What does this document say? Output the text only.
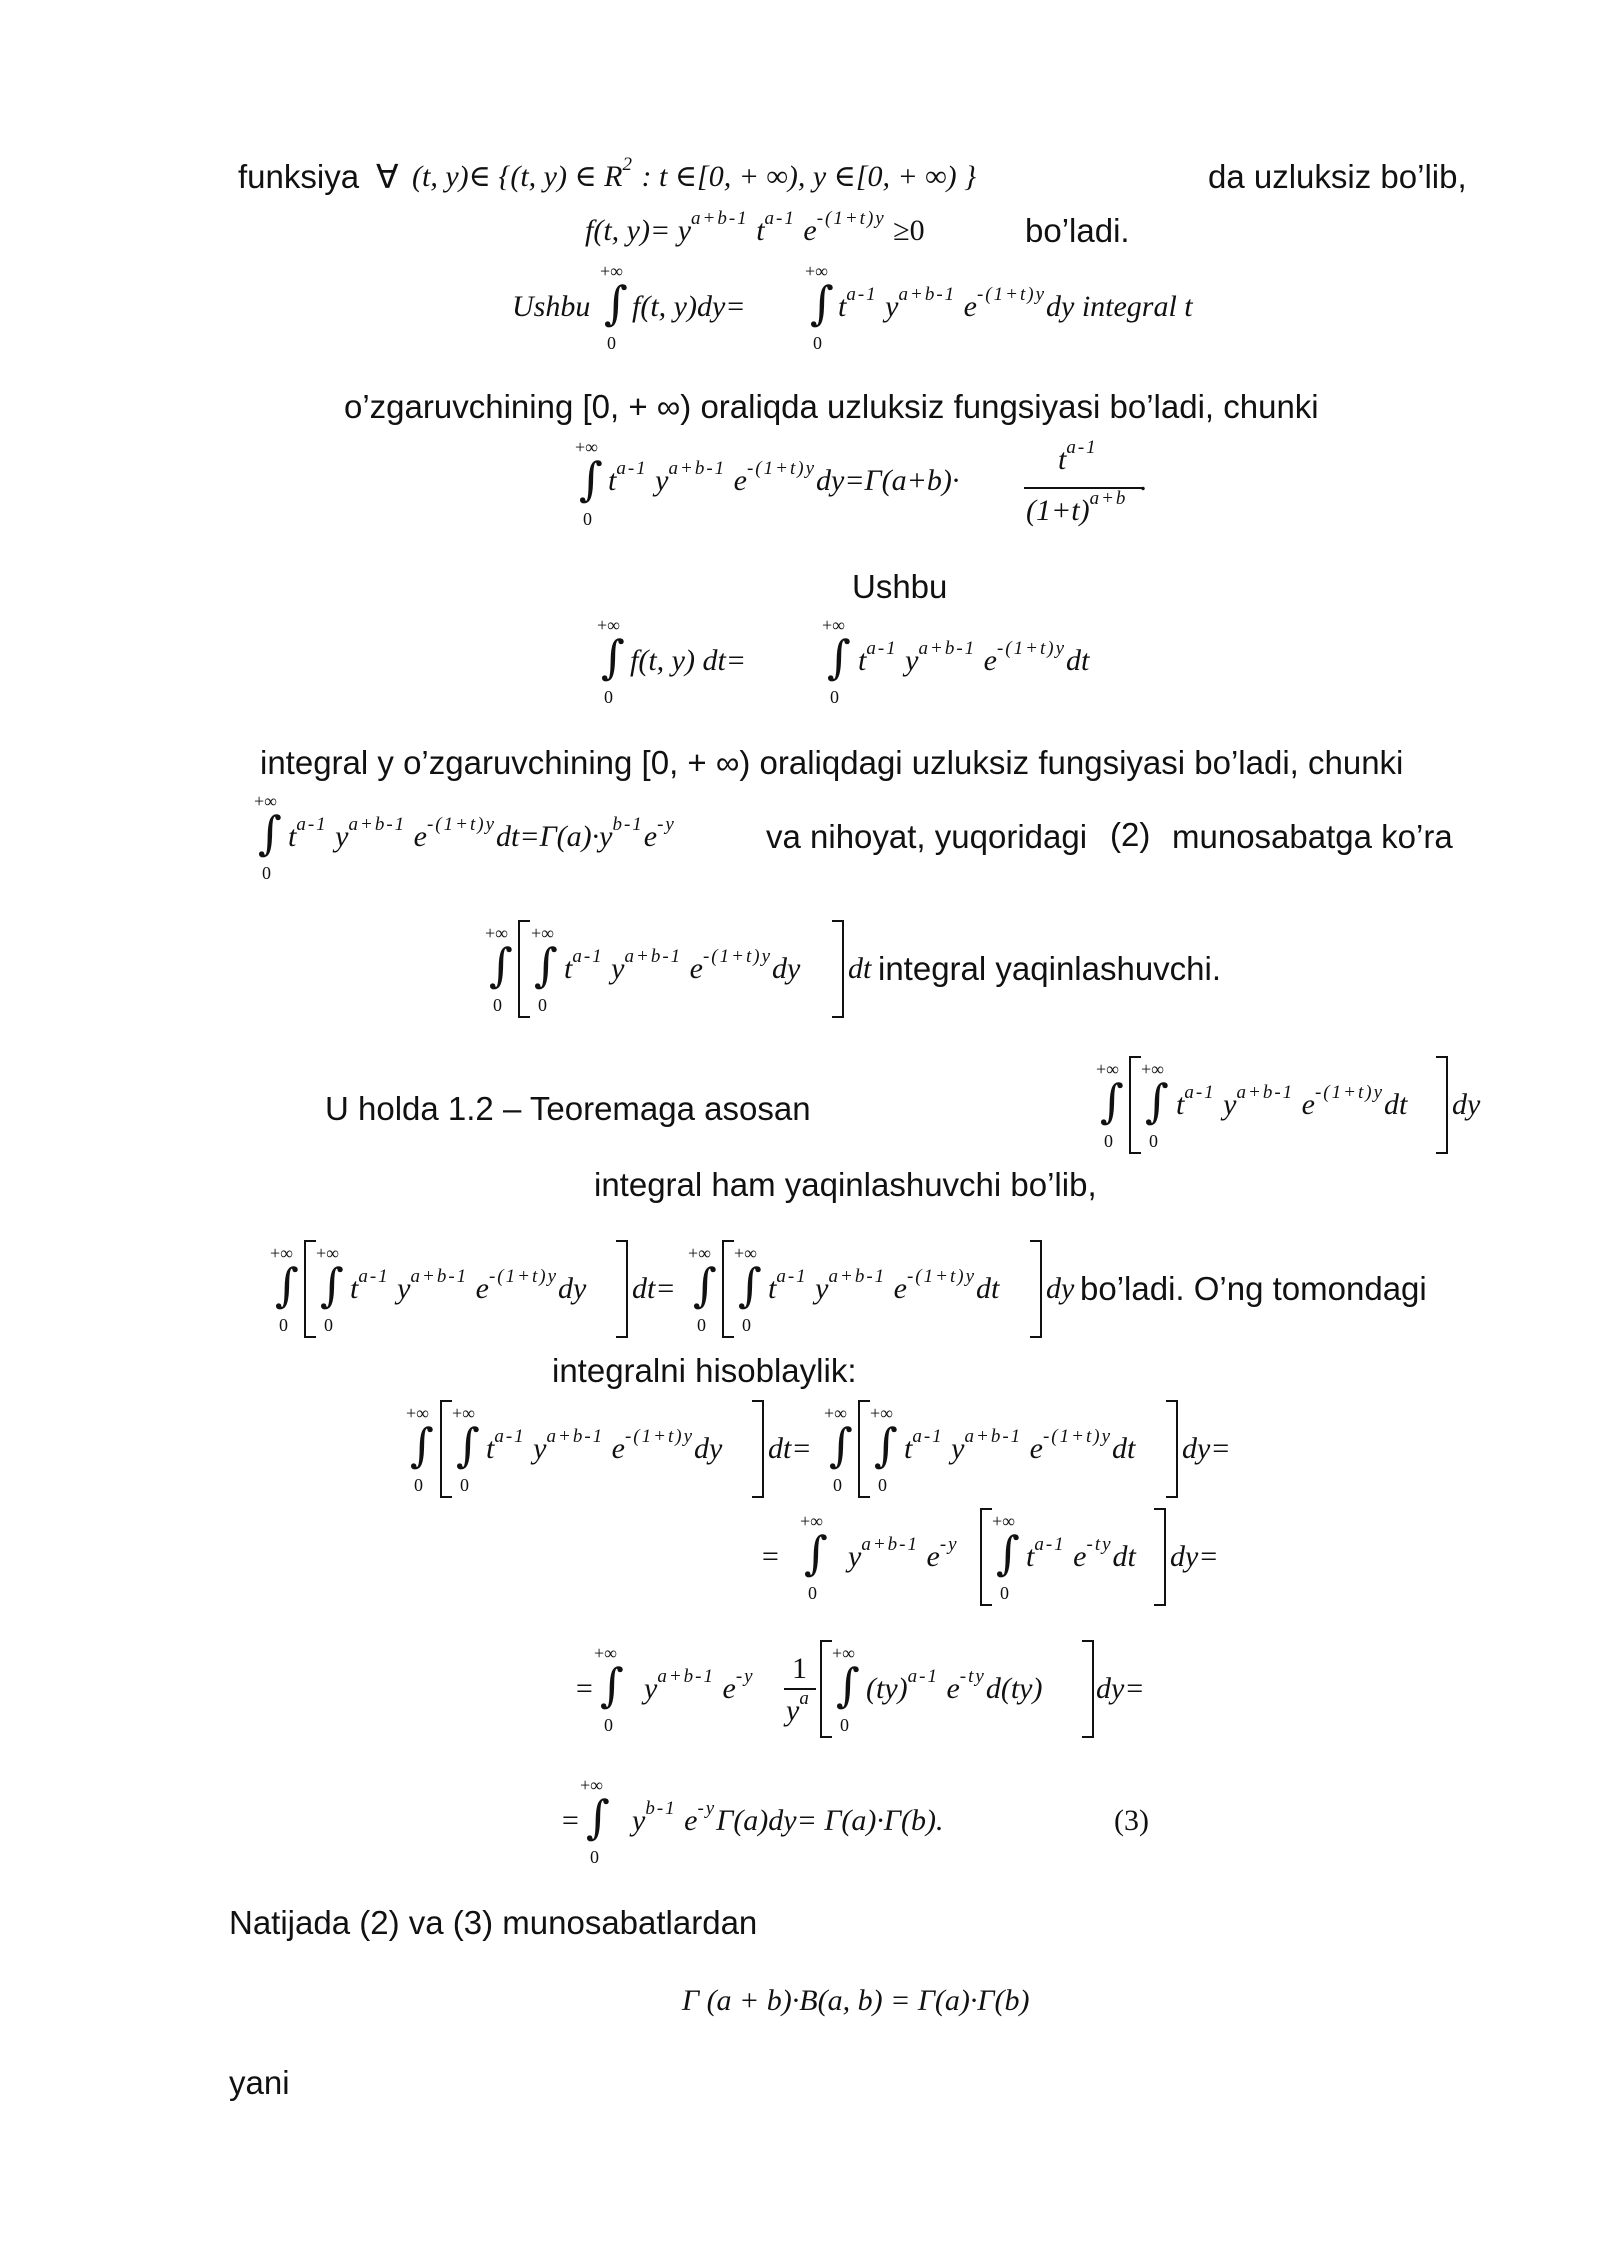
funksiya ∀ (t, y)∈ {(t, y) ∈ $R^2$ : t ∈[0, + ∞), y ∈[0, + ∞) }	da uzluksiz bo’lib,
f(t, $y)= y^{a+b-1}$ $t^{a-1}$ $e^{-(1+t)y} \ge 0$	bo’ladi.
+∞
0
∫
+∞
0
∫
Ushbu f(t, y)dy=	$t^{a-1}$ $y^{a+b-1}$ $e^{-(1+t)y}dy$ integral t
o’zgaruvchining [0, + ∞) oraliqda uzluksiz fungsiyasi bo’ladi, chunki
+∞
0
∫ $t^{a-1}$ $y^{a+b-1}$ $e^{-(1+t)y}dy=\Gamma(a+b)\cdot$
$t^{a-1}$
$(1+t)^{a+b}$
.
Ushbu
+∞
0
∫
+∞
0
∫
f(t, y) dt=	$t^{a-1}$ $y^{a+b-1}$ $e^{-(1+t)y}dt$
integral y o’zgaruvchining [0, + ∞) oraliqdagi uzluksiz fungsiyasi bo’ladi, chunki
+∞
0
∫ $t^{a-1}$ $y^{a+b-1}$ $e^{-(1+t)y}dt=\Gamma(a)\cdot y^{b-1}e^{-y}$	va nihoyat, yuqoridagi (2) munosabatga ko’ra
+∞
0
∫
+∞
0
∫ $t^{a-1}$ $y^{a+b-1}$ $e^{-(1+t)y}dy$ dt integral yaqinlashuvchi.
U holda 1.2 – Teoremaga asosan
+∞
0
∫
+∞
0
∫ $t^{a-1}$ $y^{a+b-1}$ $e^{-(1+t)y}dt$ dy
integral ham yaqinlashuvchi bo’lib,
+∞
0
∫
+∞
0
∫ $t^{a-1}$ $y^{a+b-1}$ $e^{-(1+t)y}dy$ dt=
+∞
0
∫
+∞
0
∫ $t^{a-1}$ $y^{a+b-1}$ $e^{-(1+t)y}dt$ dy bo’ladi. O’ng tomondagi
integralni hisoblaylik:
+∞
0
∫
+∞
0
∫ $t^{a-1}$ $y^{a+b-1}$ $e^{-(1+t)y}dy$ dt=
+∞
0
∫
+∞
0
∫ $t^{a-1}$ $y^{a+b-1}$ $e^{-(1+t)y}dt$ dy=
=
+∞
0
∫ $y^{a+b-1}$ $e^{-y}$
+∞
0
∫ $t^{a-1}$ $e^{-ty}dt$ dy=
=
+∞
0
∫ $y^{a+b-1}$ $e^{-y}$ 1
$y^a$
+∞
0
∫ (ty)$^{a-1}$ $e^{-ty}d(ty)$ dy=
=
+∞
0
∫ $y^{b-1}$ $e^{-y}\Gamma(a)dy= \Gamma(a)\cdot\Gamma(b)$.	(3)
Natijada (2) va (3) munosabatlardan
Γ (a + b)·B(a, b) = Γ(a)·Γ(b)
yani
